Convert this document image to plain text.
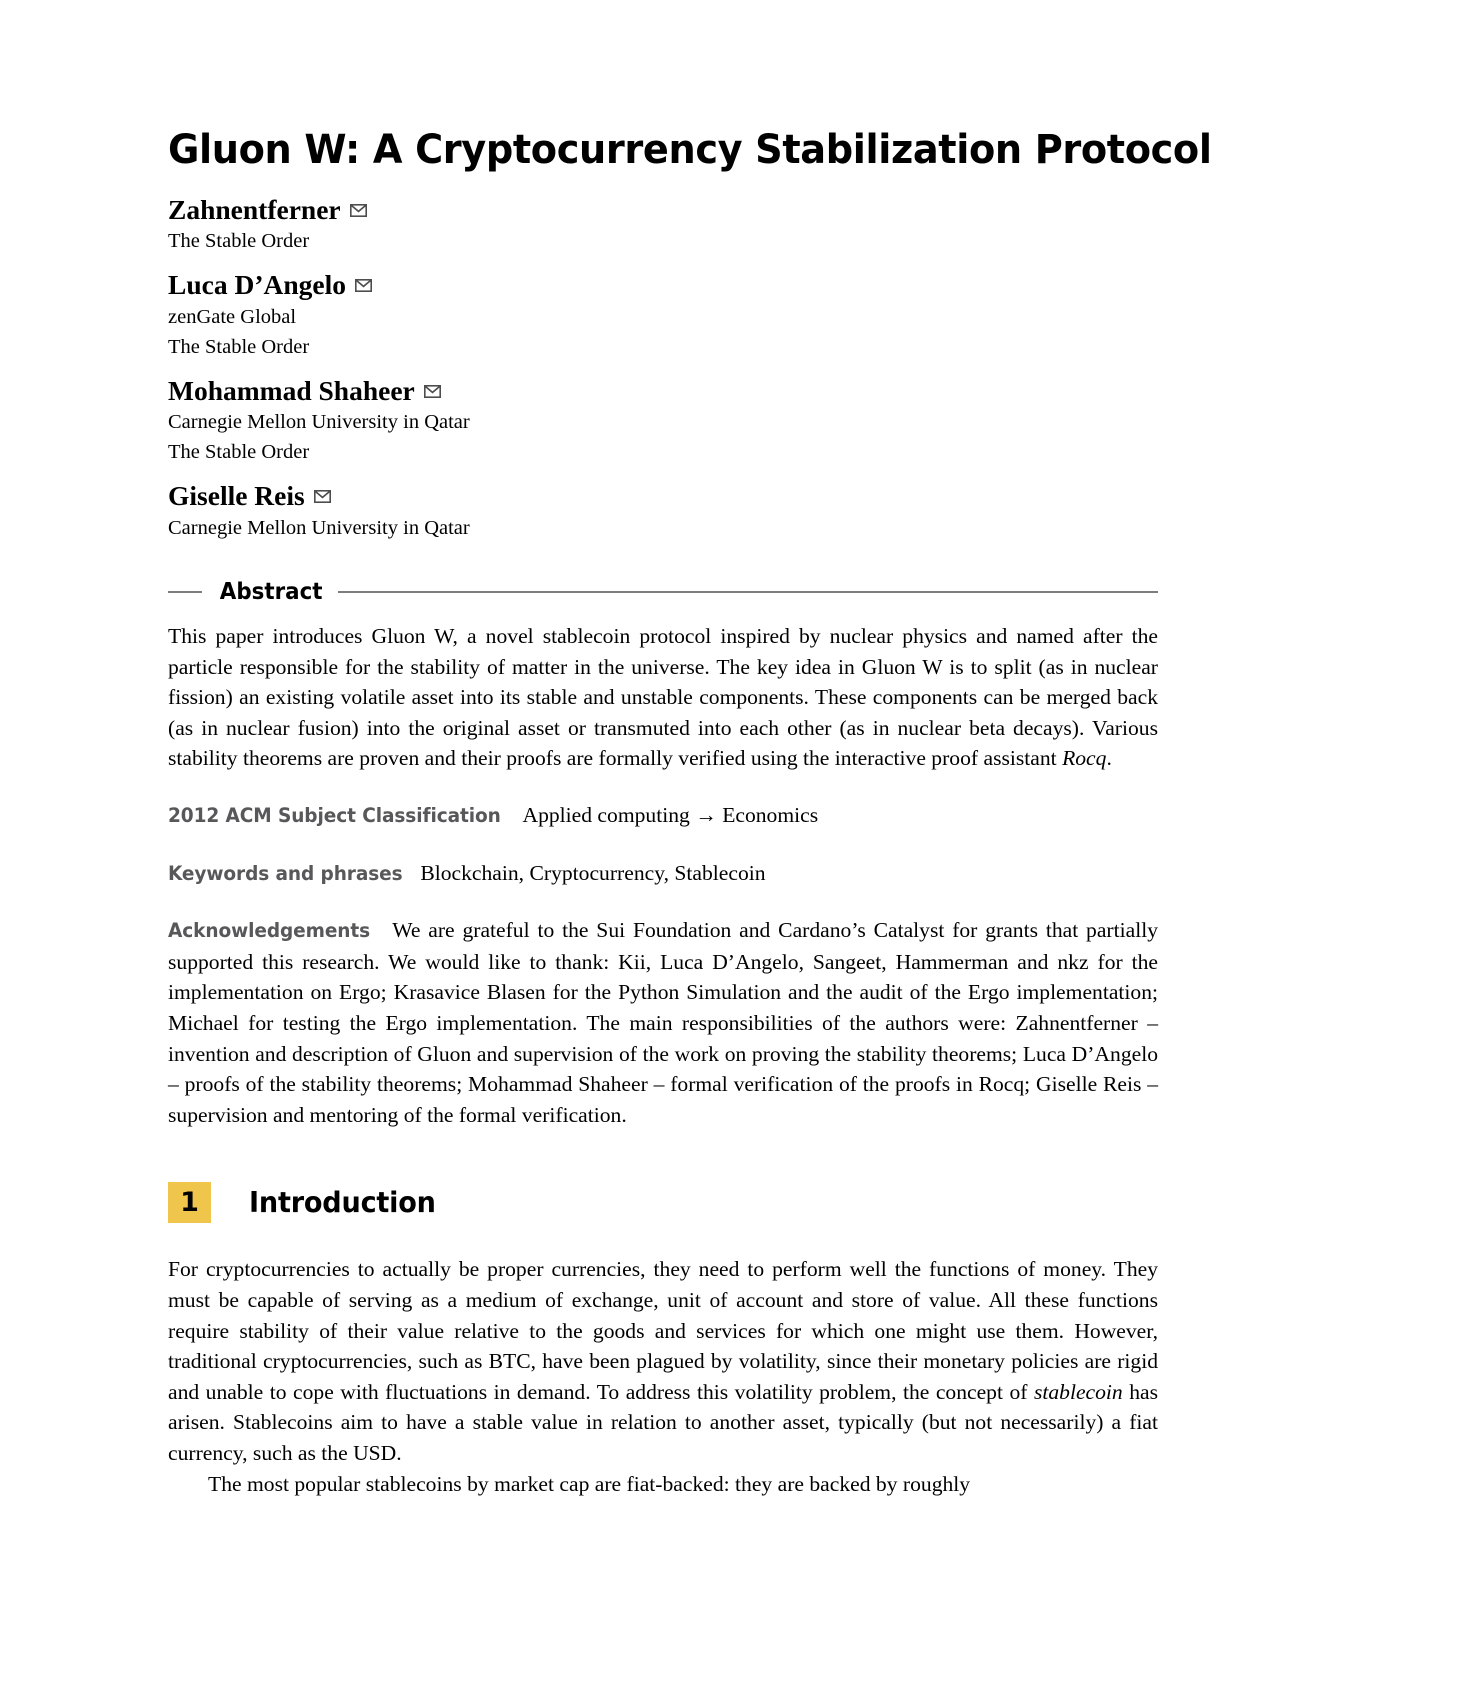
Gluon W: A Cryptocurrency Stabilization Protocol
Zahnentferner
The Stable Order
Luca D’Angelo
zenGate Global
The Stable Order
Mohammad Shaheer
Carnegie Mellon University in Qatar
The Stable Order
Giselle Reis
Carnegie Mellon University in Qatar
Abstract

This paper introduces Gluon W, a novel stablecoin protocol inspired by nuclear physics and named after the particle responsible for the stability of matter in the universe. The key idea in Gluon W is to split (as in nuclear fission) an existing volatile asset into its stable and unstable components. These components can be merged back (as in nuclear fusion) into the original asset or transmuted into each other (as in nuclear beta decays). Various stability theorems are proven and their proofs are formally verified using the interactive proof assistant Rocq.

2012 ACM Subject Classification Applied computing → Economics
Keywords and phrases Blockchain, Cryptocurrency, Stablecoin

Acknowledgements We are grateful to the Sui Foundation and Cardano’s Catalyst for grants that partially supported this research. We would like to thank: Kii, Luca D’Angelo, Sangeet, Hammerman and nkz for the implementation on Ergo; Krasavice Blasen for the Python Simulation and the audit of the Ergo implementation; Michael for testing the Ergo implementation. The main responsibilities of the authors were: Zahnentferner – invention and description of Gluon and supervision of the work on proving the stability theorems; Luca D’Angelo – proofs of the stability theorems; Mohammad Shaheer – formal verification of the proofs in Rocq; Giselle Reis – supervision and mentoring of the formal verification.

1 Introduction

For cryptocurrencies to actually be proper currencies, they need to perform well the functions of money. They must be capable of serving as a medium of exchange, unit of account and store of value. All these functions require stability of their value relative to the goods and services for which one might use them. However, traditional cryptocurrencies, such as BTC, have been plagued by volatility, since their monetary policies are rigid and unable to cope with fluctuations in demand. To address this volatility problem, the concept of stablecoin has arisen. Stablecoins aim to have a stable value in relation to another asset, typically (but not necessarily) a fiat currency, such as the USD.

The most popular stablecoins by market cap are fiat-backed: they are backed by roughly
